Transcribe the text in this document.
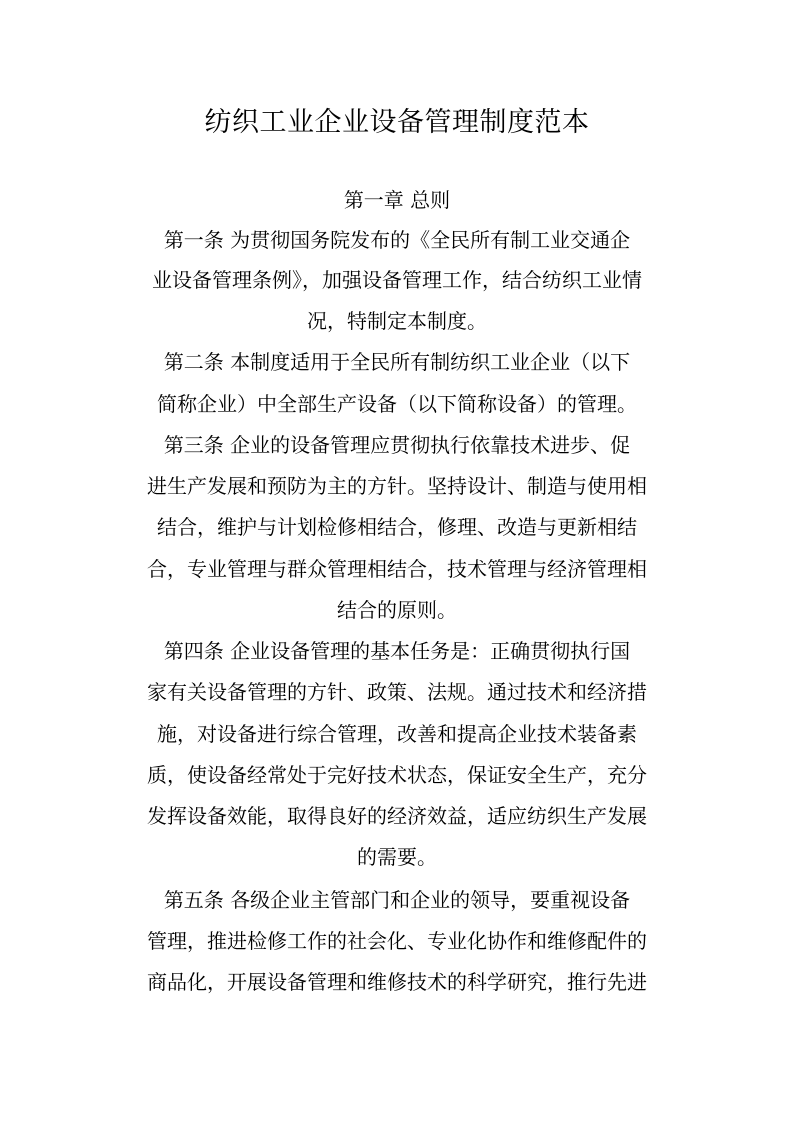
纺织工业企业设备管理制度范本
第一章 总则
第一条 为贯彻国务院发布的《全民所有制工业交通企
业设备管理条例》，加强设备管理工作，结合纺织工业情
况，特制定本制度。
第二条 本制度适用于全民所有制纺织工业企业（以下
简称企业）中全部生产设备（以下简称设备）的管理。
第三条 企业的设备管理应贯彻执行依靠技术进步、促
进生产发展和预防为主的方针。坚持设计、制造与使用相
结合，维护与计划检修相结合，修理、改造与更新相结
合，专业管理与群众管理相结合，技术管理与经济管理相
结合的原则。
第四条 企业设备管理的基本任务是：正确贯彻执行国
家有关设备管理的方针、政策、法规。通过技术和经济措
施，对设备进行综合管理，改善和提高企业技术装备素
质，使设备经常处于完好技术状态，保证安全生产，充分
发挥设备效能，取得良好的经济效益，适应纺织生产发展
的需要。
第五条 各级企业主管部门和企业的领导，要重视设备
管理，推进检修工作的社会化、专业化协作和维修配件的
商品化，开展设备管理和维修技术的科学研究，推行先进
